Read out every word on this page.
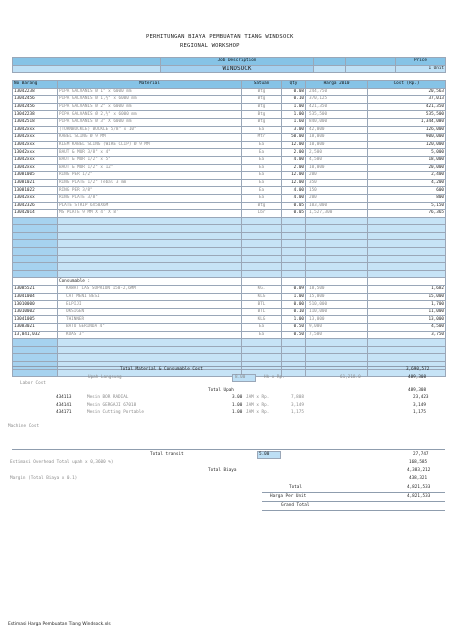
PERHITUNGAN BIAYA PEMBUATAN TIANG WINDSOCK
REGIONAL WORKSHOP
	Job Description			Price
	WINDSOCK			1 Unit
No Barang	Material	Satuan	Qty	Harga 2010	Cost (Rp.)
13042238	PIPA GALVANIS Ø 1" x 6000 mm	Btg	0.08	244,750	20,563
13042456	PIPA GALVANIS Ø 1,½" x 6000 mm	Btg	0.10	370,125	37,013
13042456	PIPA GALVANIS Ø 2" x 6000 mm	Btg	1.00	421,350	421,350
13042238	PIPA GALVANIS Ø 2,½" x 6000 mm	Btg	1.00	535,500	535,500
13042518	PIPA GALVANIS Ø 3" X 6000 mm	Btg	1.60	840,000	1,344,000
13042xxx	(TURNBUCKLE) BUCKLE 5/8" x 10"	Ea	3.00	42,000	126,000
13042xxx	KABEL SLING Ø 9 MM	Mtr	50.00	18,000	900,000
13042xxx	KLEM KABEL SLING (WIRE CLIP) Ø 9 MM	Ea	12.00	10,000	120,000
13042xxx	BAUT & MUR 3/8" x 4"	Ea	2.00	2,500	5,000
13042xxx	BAUT & MUR 1/2" x 5"	Ea	4.00	4,500	18,000
13042xxx	BAUT & MUR 1/2" x 12"	Ea	2.00	10,000	20,000
13081005	RING PER 1/2"	Ea	12.00	200	2,400
13081021	RING PLATE 1/2" Tebal 3 mm	Ea	12.00	350	4,200
13081022	RING PER 3/8"	Ea	4.00	150	600
13042xxx	RING PLATE 3/8"	Ea	4.00	200	800
13042326	PLATE STRIP 6X50X6M	Btg	0.05	103,000	5,150
13042014	MS PLATE 9 MM X 4' X 8'	Lbr	0.05	1,527,300	76,365

	Consumable :				
13085521	KAWAT LAS SUPRION 150-2,6MM	KG.	0.09	18,500	1,682
13041004	CAT MENI BESI	KLG	1.00	15,000	15,000
13010000	ELPIJI	BTL	0.00	510,000	1,700
13010002	OKSIGEN	BTL	0.10	110,000	11,000
13041005	THINNER	KLG	1.00	13,000	13,000
13083021	BATU GERINDA 4"	Ea	0.50	9,000	4,500
13,041,032	KUAS 3"	Ea	0.50	7,500	3,750

Total Material & Consumable Cost	3,690,572
Upah Langsung	8.00	Hk x Rp.	61,218.0	489,308
Labor Cost
Total Upah	489,308
434113	Mesin BOR RADIAL	3.00 JAM x Rp.	7,808	23,423
434141	Mesin GERGAJI 67018	1.00 JAM x Rp.	3,149	3,149
434171	Mesin Cutting Portable	1.00 JAM x Rp.	1,175	1,175
Machine Cost
Total transit	5.00	27,747
Estimasi Overhead Total upah x 0,3600 %)	168,585
Total Biaya	4,383,212
Margin (Total Biaya x 0.1)	438,321
Total	4,821,533
Harga Per Unit	4,821,533
Grand Total
Estimasi Harga Pembuatan Tiang Windsock.xls
